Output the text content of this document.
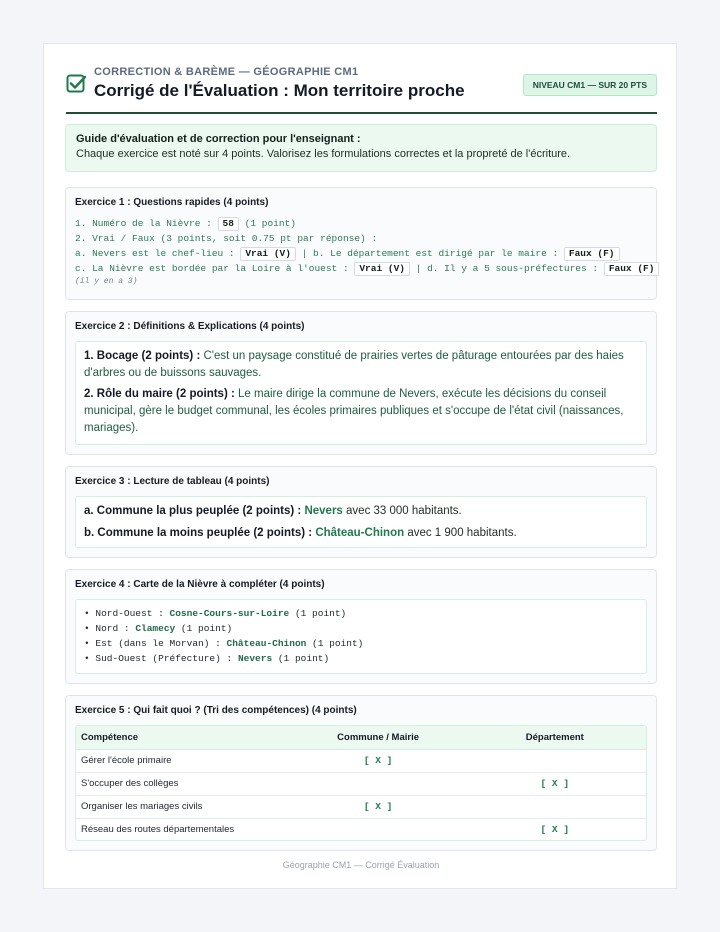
CORRECTION & BARÈME — GÉOGRAPHIE CM1
Corrigé de l'Évaluation : Mon territoire proche	NIVEAU CM1 — SUR 20 PTS
Guide d'évaluation et de correction pour l'enseignant :
Chaque exercice est noté sur 4 points. Valorisez les formulations correctes et la propreté de l'écriture.
Exercice 1 : Questions rapides (4 points)
1. Numéro de la Nièvre : 58 (1 point)
2. Vrai / Faux (3 points, soit 0.75 pt par réponse) :
a. Nevers est le chef-lieu : Vrai (V) | b. Le département est dirigé par le maire : Faux (F)
c. La Nièvre est bordée par la Loire à l'ouest : Vrai (V) | d. Il y a 5 sous-préfectures : Faux (F)
(il y en a 3)
Exercice 2 : Définitions & Explications (4 points)
1. Bocage (2 points) : C'est un paysage constitué de prairies vertes de pâturage entourées par des haies d'arbres ou de buissons sauvages.
2. Rôle du maire (2 points) : Le maire dirige la commune de Nevers, exécute les décisions du conseil municipal, gère le budget communal, les écoles primaires publiques et s'occupe de l'état civil (naissances, mariages).
Exercice 3 : Lecture de tableau (4 points)
a. Commune la plus peuplée (2 points) : Nevers avec 33 000 habitants.
b. Commune la moins peuplée (2 points) : Château-Chinon avec 1 900 habitants.
Exercice 4 : Carte de la Nièvre à compléter (4 points)
• Nord-Ouest : Cosne-Cours-sur-Loire (1 point)
• Nord : Clamecy (1 point)
• Est (dans le Morvan) : Château-Chinon (1 point)
• Sud-Ouest (Préfecture) : Nevers (1 point)
Exercice 5 : Qui fait quoi ? (Tri des compétences) (4 points)
Compétence	Commune / Mairie	Département
Gérer l'école primaire	[ X ]	
S'occuper des collèges		[ X ]
Organiser les mariages civils	[ X ]	
Réseau des routes départementales		[ X ]
Géographie CM1 — Corrigé Évaluation
